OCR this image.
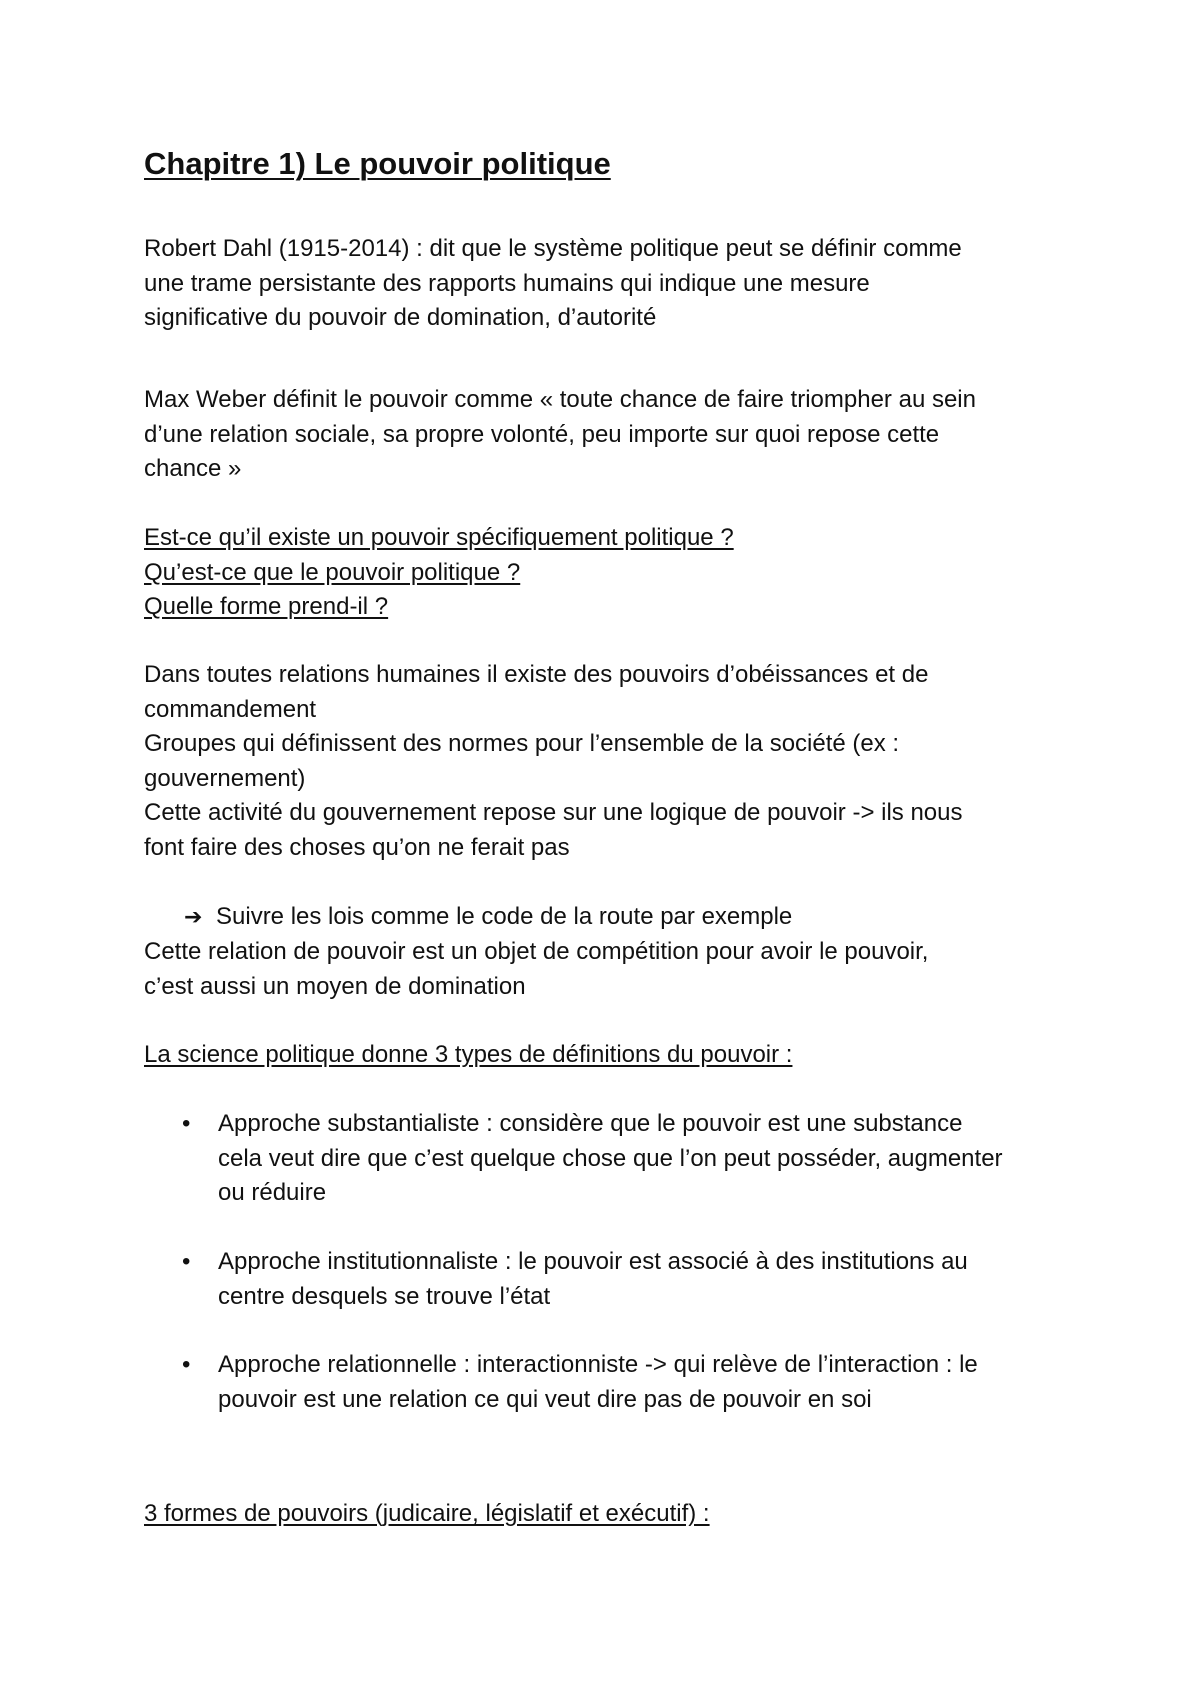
Chapitre 1) Le pouvoir politique

Robert Dahl (1915-2014) : dit que le système politique peut se définir comme
une trame persistante des rapports humains qui indique une mesure
significative du pouvoir de domination, d’autorité

Max Weber définit le pouvoir comme « toute chance de faire triompher au sein
d’une relation sociale, sa propre volonté, peu importe sur quoi repose cette
chance »

Est-ce qu’il existe un pouvoir spécifiquement politique ?
Qu’est-ce que le pouvoir politique ?
Quelle forme prend-il ?

Dans toutes relations humaines il existe des pouvoirs d’obéissances et de
commandement
Groupes qui définissent des normes pour l’ensemble de la société (ex :
gouvernement)
Cette activité du gouvernement repose sur une logique de pouvoir -> ils nous
font faire des choses qu’on ne ferait pas

➔ Suivre les lois comme le code de la route par exemple

Cette relation de pouvoir est un objet de compétition pour avoir le pouvoir,
c’est aussi un moyen de domination

La science politique donne 3 types de définitions du pouvoir :

•	Approche substantialiste : considère que le pouvoir est une substance
cela veut dire que c’est quelque chose que l’on peut posséder, augmenter
ou réduire
•	Approche institutionnaliste : le pouvoir est associé à des institutions au
centre desquels se trouve l’état
•	Approche relationnelle : interactionniste -> qui relève de l’interaction : le
pouvoir est une relation ce qui veut dire pas de pouvoir en soi

3 formes de pouvoirs (judicaire, législatif et exécutif) :
